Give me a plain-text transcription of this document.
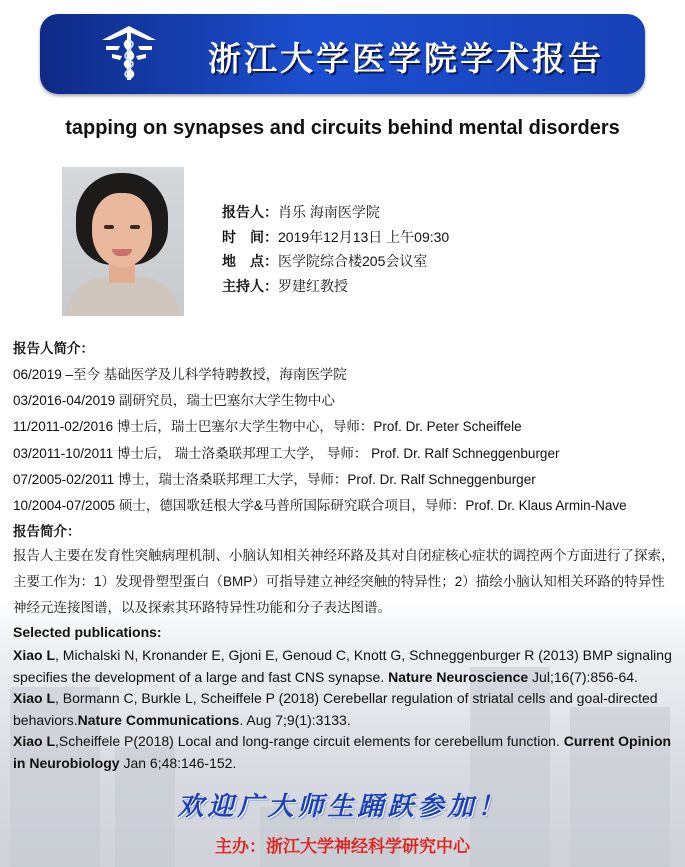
浙江大学医学院学术报告
tapping on synapses and circuits behind mental disorders
报告人：肖乐 海南医学院
时　间：2019年12月13日 上午09:30
地　点：医学院综合楼205会议室
主持人：罗建红教授
报告人简介：
06/2019 –至今 基础医学及儿科学特聘教授，海南医学院
03/2016-04/2019 副研究员，瑞士巴塞尔大学生物中心
11/2011-02/2016 博士后，瑞士巴塞尔大学生物中心，导师：Prof. Dr. Peter Scheiffele
03/2011-10/2011 博士后， 瑞士洛桑联邦理工大学， 导师： Prof. Dr. Ralf Schneggenburger
07/2005-02/2011 博士，瑞士洛桑联邦理工大学，导师：Prof. Dr. Ralf Schneggenburger
10/2004-07/2005 硕士，德国歌廷根大学&马普所国际研究联合项目，导师：Prof. Dr. Klaus Armin-Nave
报告简介：
报告人主要在发育性突触病理机制、小脑认知相关神经环路及其对自闭症核心症状的调控两个方面进行了探索，主要工作为：1）发现骨塑型蛋白（BMP）可指导建立神经突触的特异性；2）描绘小脑认知相关环路的特异性神经元连接图谱，以及探索其环路特异性功能和分子表达图谱。
Selected publications:

Xiao L, Michalski N, Kronander E, Gjoni E, Genoud C, Knott G, Schneggenburger R (2013) BMP signaling specifies the development of a large and fast CNS synapse. Nature Neuroscience Jul;16(7):856-64.

Xiao L, Bormann C, Burkle L, Scheiffele P (2018) Cerebellar regulation of striatal cells and goal-directed behaviors.Nature Communications. Aug 7;9(1):3133.

Xiao L,Scheiffele P(2018) Local and long-range circuit elements for cerebellum function. Current Opinion in Neurobiology Jan 6;48:146-152.

欢迎广大师生踊跃参加！
主办：浙江大学神经科学研究中心
